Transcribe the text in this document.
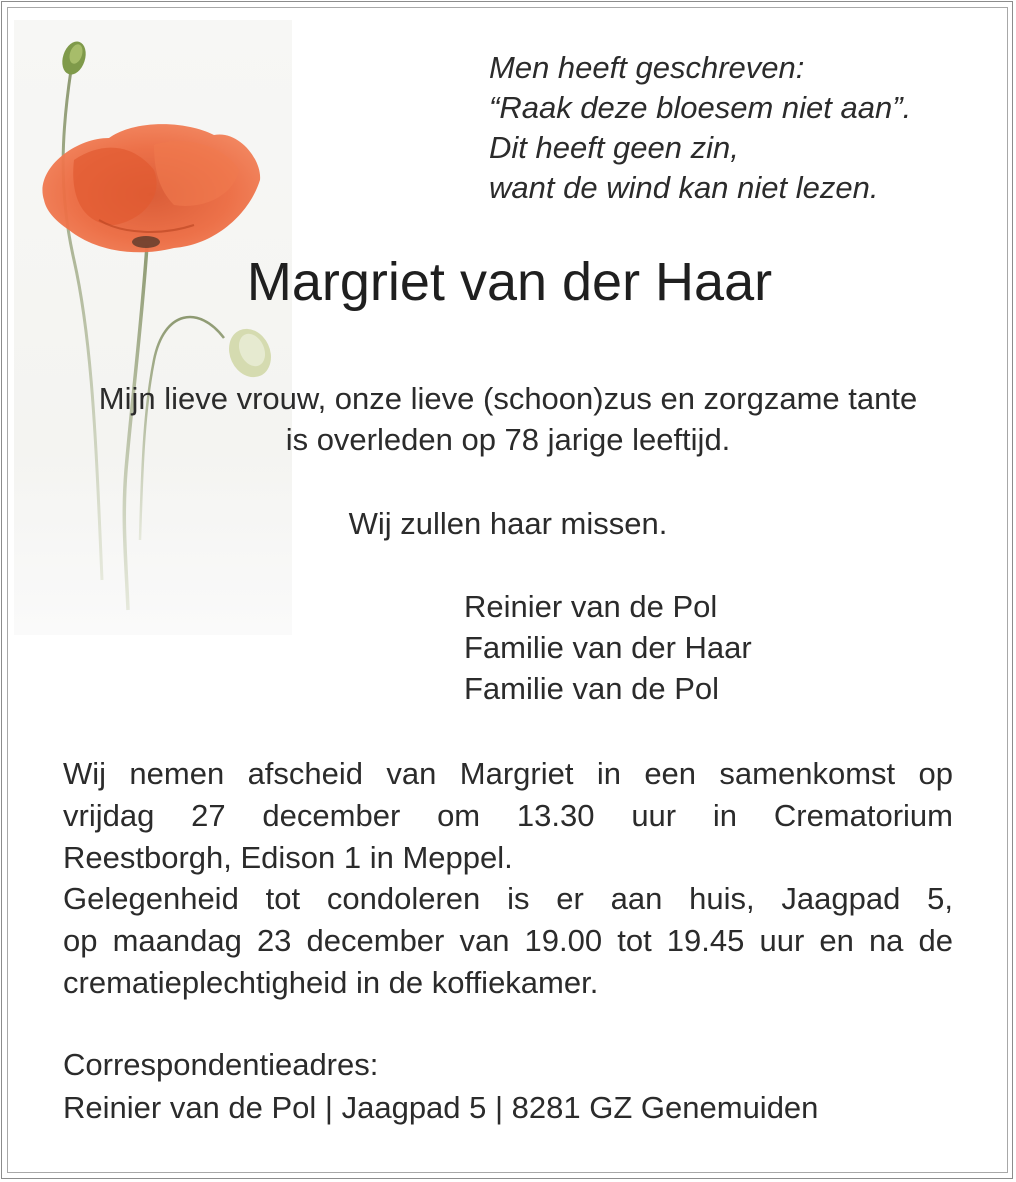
Men heeft geschreven:
“Raak deze bloesem niet aan”.
Dit heeft geen zin,
want de wind kan niet lezen.
Margriet van der Haar
Mijn lieve vrouw, onze lieve (schoon)zus en zorgzame tante
is overleden op 78 jarige leeftijd.
Wij zullen haar missen.
Reinier van de Pol
Familie van der Haar
Familie van de Pol
Wij nemen afscheid van Margriet in een samenkomst op
vrijdag 27 december om 13.30 uur in Crematorium
Reestborgh, Edison 1 in Meppel.
Gelegenheid tot condoleren is er aan huis, Jaagpad 5,
op maandag 23 december van 19.00 tot 19.45 uur en na de
crematieplechtigheid in de koffiekamer.
Correspondentieadres:
Reinier van de Pol | Jaagpad 5 | 8281 GZ Genemuiden
